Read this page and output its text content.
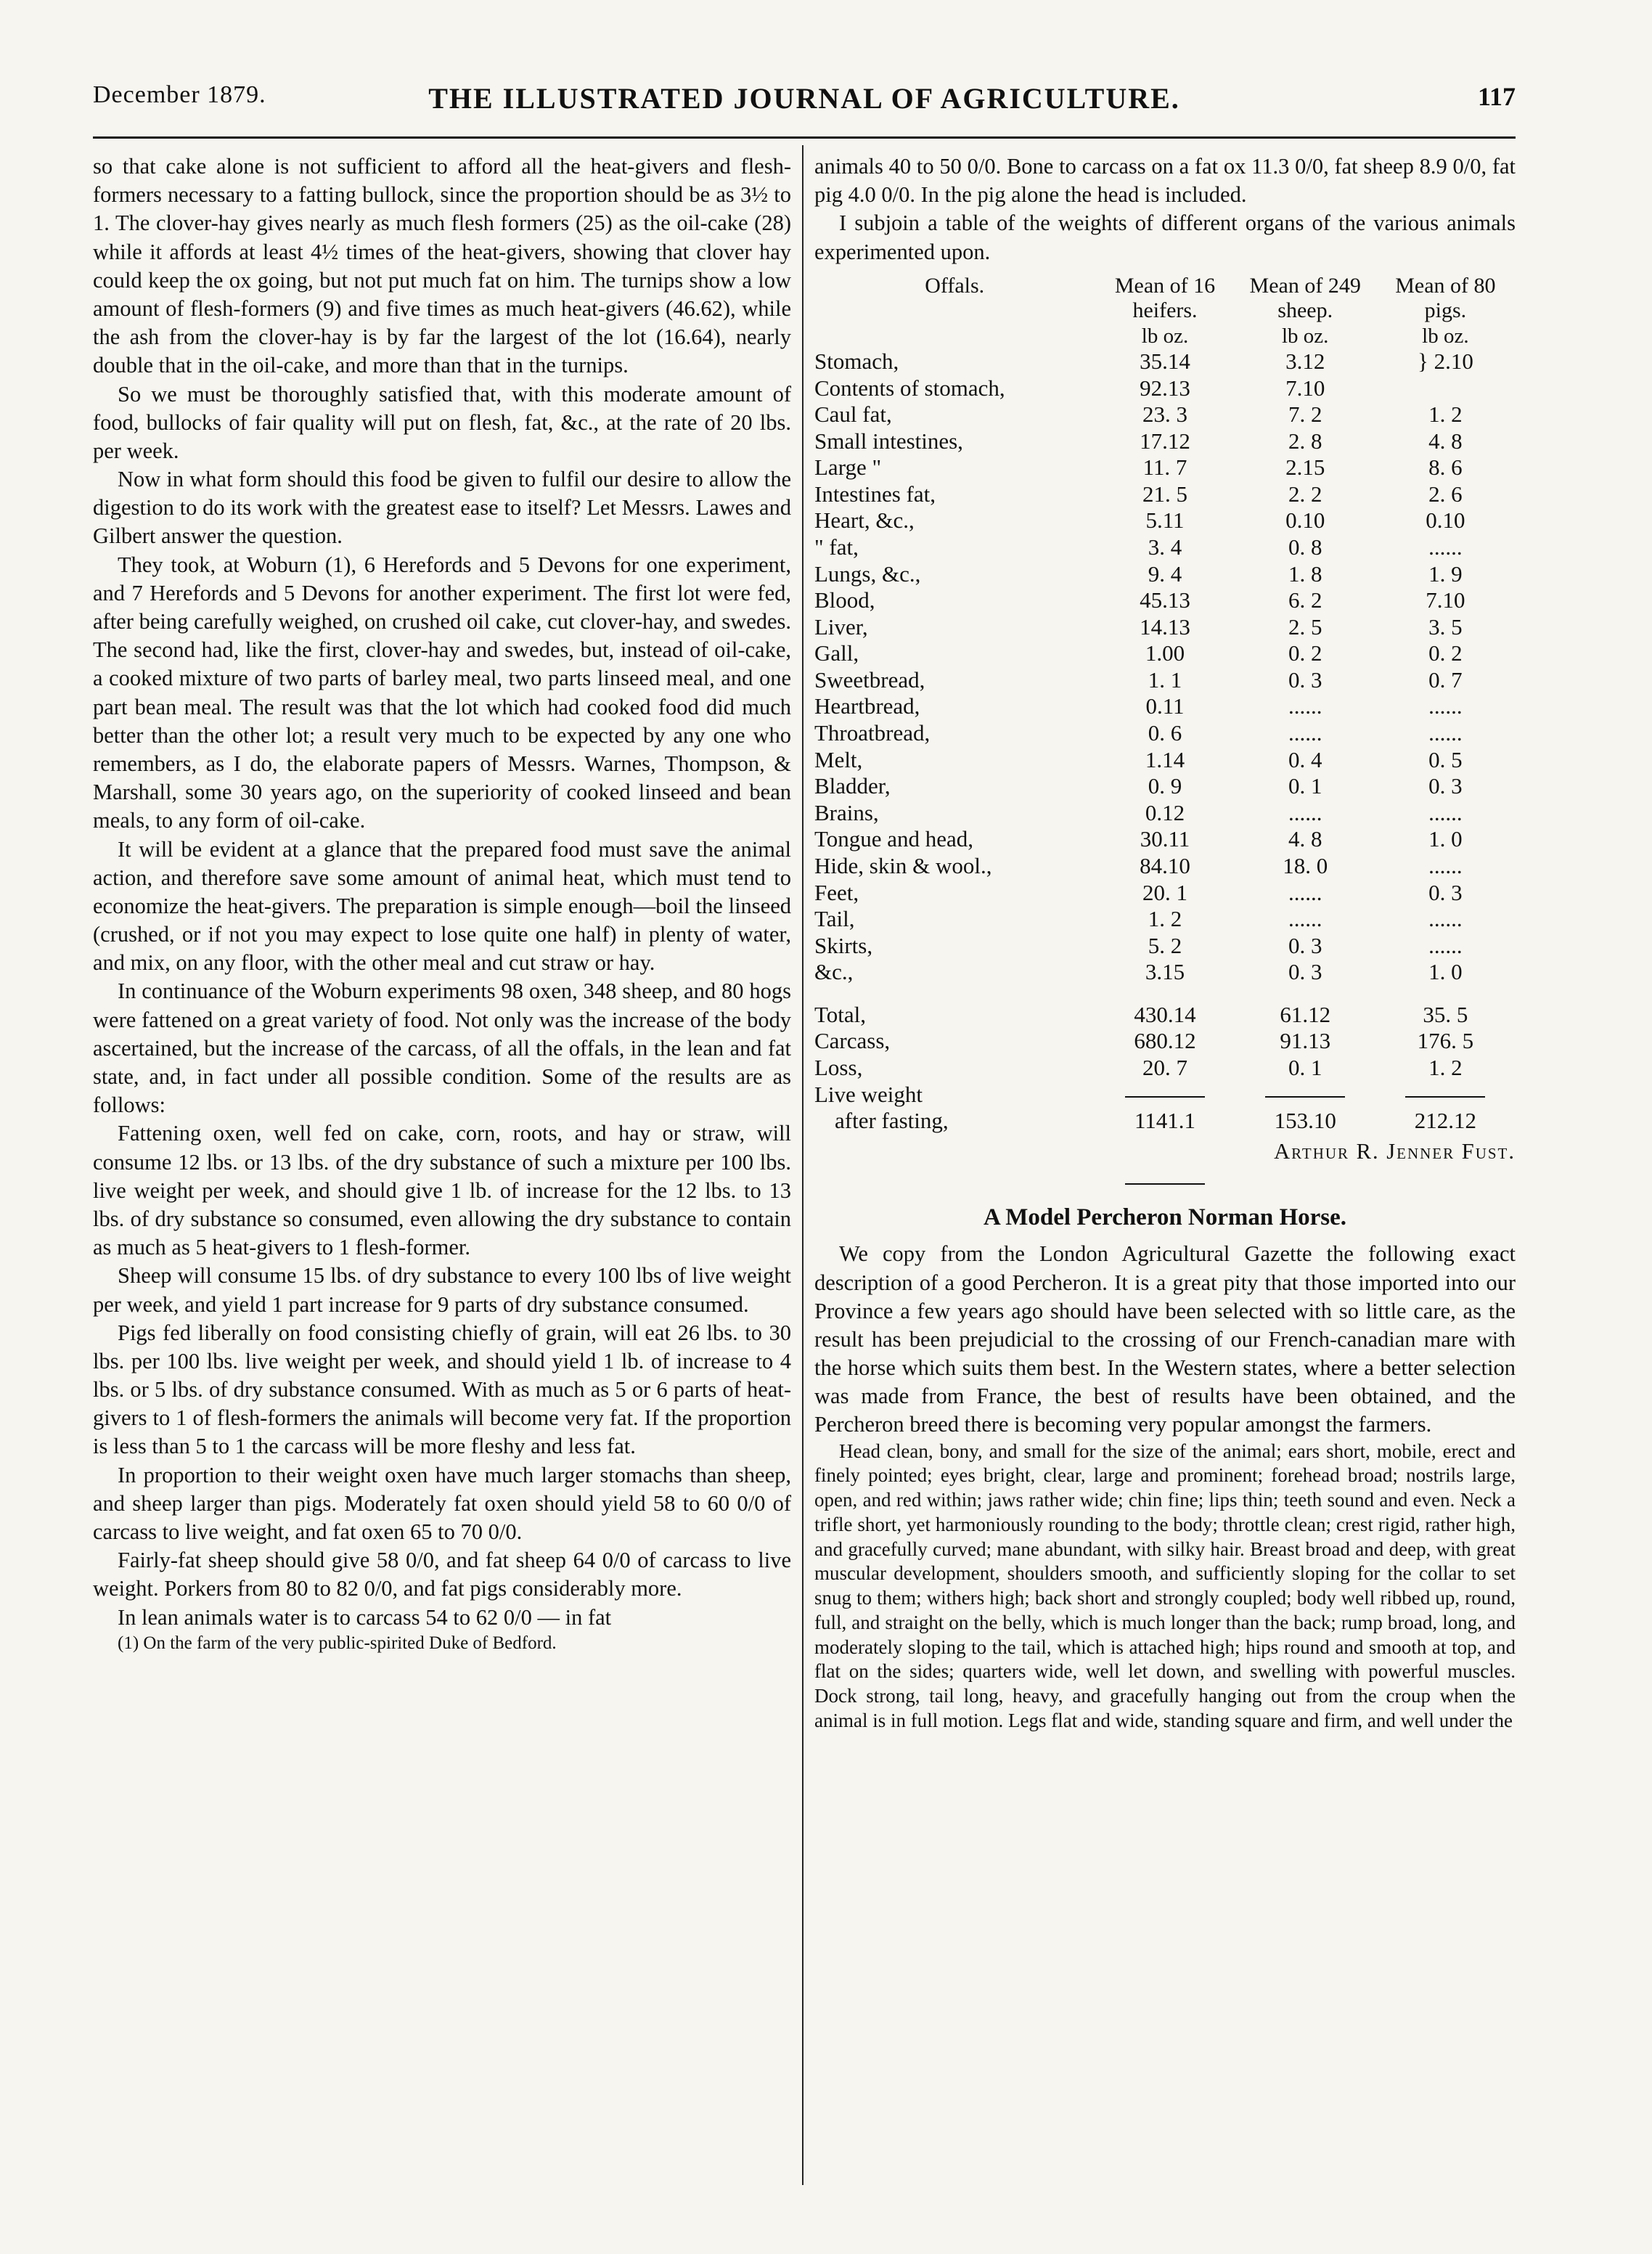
December 1879.	THE ILLUSTRATED JOURNAL OF AGRICULTURE.	117

so that cake alone is not sufficient to afford all the heat-givers and flesh-formers necessary to a fatting bullock, since the proportion should be as 3½ to 1. The clover-hay gives nearly as much flesh formers (25) as the oil-cake (28) while it affords at least 4½ times of the heat-givers, showing that clover hay could keep the ox going, but not put much fat on him. The turnips show a low amount of flesh-formers (9) and five times as much heat-givers (46.62), while the ash from the clover-hay is by far the largest of the lot (16.64), nearly double that in the oil-cake, and more than that in the turnips.

So we must be thoroughly satisfied that, with this moderate amount of food, bullocks of fair quality will put on flesh, fat, &c., at the rate of 20 lbs. per week.

Now in what form should this food be given to fulfil our desire to allow the digestion to do its work with the greatest ease to itself? Let Messrs. Lawes and Gilbert answer the question.

They took, at Woburn (1), 6 Herefords and 5 Devons for one experiment, and 7 Herefords and 5 Devons for another experiment. The first lot were fed, after being carefully weighed, on crushed oil cake, cut clover-hay, and swedes. The second had, like the first, clover-hay and swedes, but, instead of oil-cake, a cooked mixture of two parts of barley meal, two parts linseed meal, and one part bean meal. The result was that the lot which had cooked food did much better than the other lot; a result very much to be expected by any one who remembers, as I do, the elaborate papers of Messrs. Warnes, Thompson, & Marshall, some 30 years ago, on the superiority of cooked linseed and bean meals, to any form of oil-cake.

It will be evident at a glance that the prepared food must save the animal action, and therefore save some amount of animal heat, which must tend to economize the heat-givers. The preparation is simple enough—boil the linseed (crushed, or if not you may expect to lose quite one half) in plenty of water, and mix, on any floor, with the other meal and cut straw or hay.

In continuance of the Woburn experiments 98 oxen, 348 sheep, and 80 hogs were fattened on a great variety of food. Not only was the increase of the body ascertained, but the increase of the carcass, of all the offals, in the lean and fat state, and, in fact under all possible condition. Some of the results are as follows:

Fattening oxen, well fed on cake, corn, roots, and hay or straw, will consume 12 lbs. or 13 lbs. of the dry substance of such a mixture per 100 lbs. live weight per week, and should give 1 lb. of increase for the 12 lbs. to 13 lbs. of dry substance so consumed, even allowing the dry substance to contain as much as 5 heat-givers to 1 flesh-former.

Sheep will consume 15 lbs. of dry substance to every 100 lbs of live weight per week, and yield 1 part increase for 9 parts of dry substance consumed.

Pigs fed liberally on food consisting chiefly of grain, will eat 26 lbs. to 30 lbs. per 100 lbs. live weight per week, and should yield 1 lb. of increase to 4 lbs. or 5 lbs. of dry substance consumed. With as much as 5 or 6 parts of heat-givers to 1 of flesh-formers the animals will become very fat. If the proportion is less than 5 to 1 the carcass will be more fleshy and less fat.

In proportion to their weight oxen have much larger stomachs than sheep, and sheep larger than pigs. Moderately fat oxen should yield 58 to 60 0/0 of carcass to live weight, and fat oxen 65 to 70 0/0.

Fairly-fat sheep should give 58 0/0, and fat sheep 64 0/0 of carcass to live weight. Porkers from 80 to 82 0/0, and fat pigs considerably more.

In lean animals water is to carcass 54 to 62 0/0 — in fat

(1) On the farm of the very public-spirited Duke of Bedford.

animals 40 to 50 0/0. Bone to carcass on a fat ox 11.3 0/0, fat sheep 8.9 0/0, fat pig 4.0 0/0. In the pig alone the head is included.

I subjoin a table of the weights of different organs of the various animals experimented upon.

Offals.	Mean of 16 heifers.	Mean of 249 sheep.	Mean of 80 pigs.
	lb oz.	lb oz.	lb oz.
Stomach,	35.14	3.12	} 2.10
Contents of stomach,	92.13	7.10	
Caul fat,	23. 3	7. 2	1. 2
Small intestines,	17.12	2. 8	4. 8
Large "	11. 7	2.15	8. 6
Intestines fat,	21. 5	2. 2	2. 6
Heart, &c.,	5.11	0.10	0.10
" fat,	3. 4	0. 8	......
Lungs, &c.,	9. 4	1. 8	1. 9
Blood,	45.13	6. 2	7.10
Liver,	14.13	2. 5	3. 5
Gall,	1.00	0. 2	0. 2
Sweetbread,	1. 1	0. 3	0. 7
Heartbread,	0.11	......	......
Throatbread,	0. 6	......	......
Melt,	1.14	0. 4	0. 5
Bladder,	0. 9	0. 1	0. 3
Brains,	0.12	......	......
Tongue and head,	30.11	4. 8	1. 0
Hide, skin & wool.,	84.10	18. 0	......
Feet,	20. 1	......	0. 3
Tail,	1. 2	......	......
Skirts,	5. 2	0. 3	......
&c.,	3.15	0. 3	1. 0

Total,	430.14	61.12	35. 5
Carcass,	680.12	91.13	176. 5
Loss,	20. 7	0. 1	1. 2
Live weight			
after fasting,	1141.1	153.10	212.12
Arthur R. Jenner Fust.
A Model Percheron Norman Horse.

We copy from the London Agricultural Gazette the following exact description of a good Percheron. It is a great pity that those imported into our Province a few years ago should have been selected with so little care, as the result has been prejudicial to the crossing of our French-canadian mare with the horse which suits them best. In the Western states, where a better selection was made from France, the best of results have been obtained, and the Percheron breed there is becoming very popular amongst the farmers.

Head clean, bony, and small for the size of the animal; ears short, mobile, erect and finely pointed; eyes bright, clear, large and prominent; forehead broad; nostrils large, open, and red within; jaws rather wide; chin fine; lips thin; teeth sound and even. Neck a trifle short, yet harmoniously rounding to the body; throttle clean; crest rigid, rather high, and gracefully curved; mane abundant, with silky hair. Breast broad and deep, with great muscular development, shoulders smooth, and sufficiently sloping for the collar to set snug to them; withers high; back short and strongly coupled; body well ribbed up, round, full, and straight on the belly, which is much longer than the back; rump broad, long, and moderately sloping to the tail, which is attached high; hips round and smooth at top, and flat on the sides; quarters wide, well let down, and swelling with powerful muscles. Dock strong, tail long, heavy, and gracefully hanging out from the croup when the animal is in full motion. Legs flat and wide, standing square and firm, and well under the
